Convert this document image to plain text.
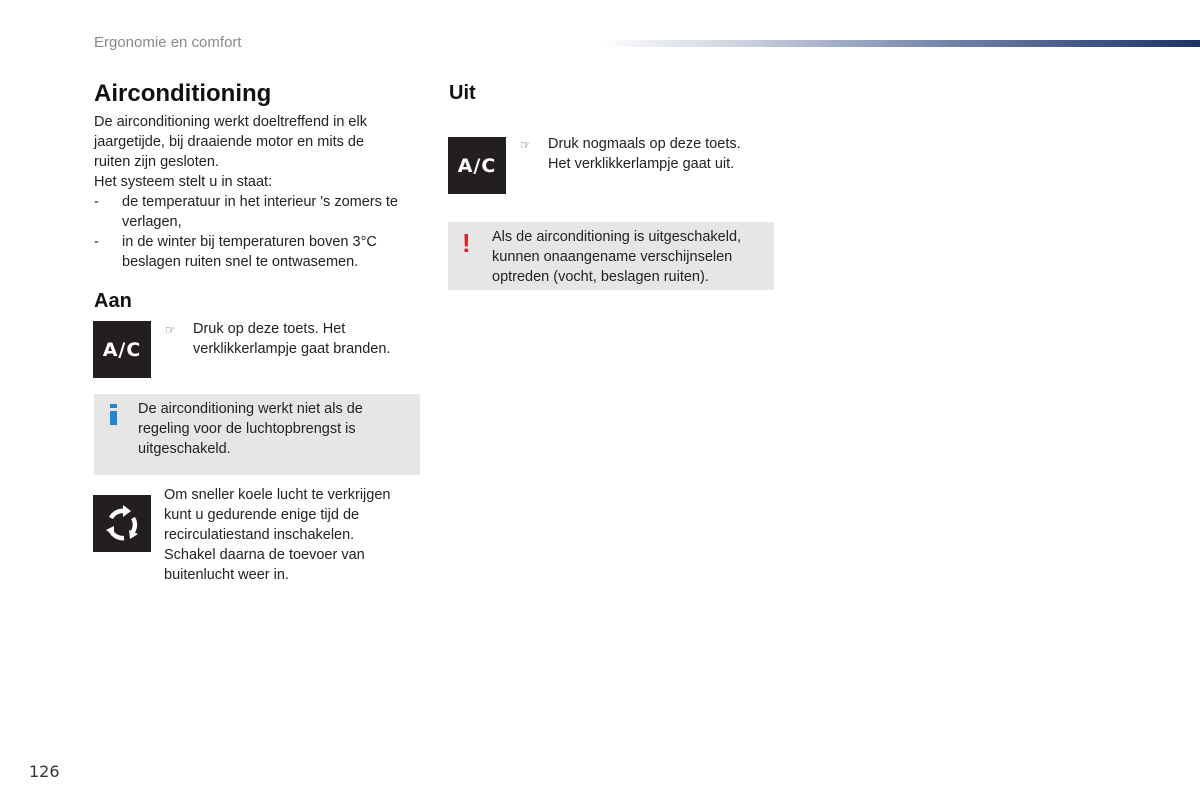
Ergonomie en comfort
Airconditioning
De airconditioning werkt doeltreffend in elk
jaargetijde, bij draaiende motor en mits de
ruiten zijn gesloten.
Het systeem stelt u in staat:
- de temperatuur in het interieur 's zomers te
verlagen,
- in de winter bij temperaturen boven 3°C
beslagen ruiten snel te ontwasemen.
Aan
A/C
☞ Druk op deze toets. Het
verklikkerlampje gaat branden.
De airconditioning werkt niet als de
regeling voor de luchtopbrengst is
uitgeschakeld.
Om sneller koele lucht te verkrijgen
kunt u gedurende enige tijd de
recirculatiestand inschakelen.
Schakel daarna de toevoer van
buitenlucht weer in.
Uit
A/C
☞ Druk nogmaals op deze toets.
Het verklikkerlampje gaat uit.
! Als de airconditioning is uitgeschakeld,
kunnen onaangename verschijnselen
optreden (vocht, beslagen ruiten).
126
